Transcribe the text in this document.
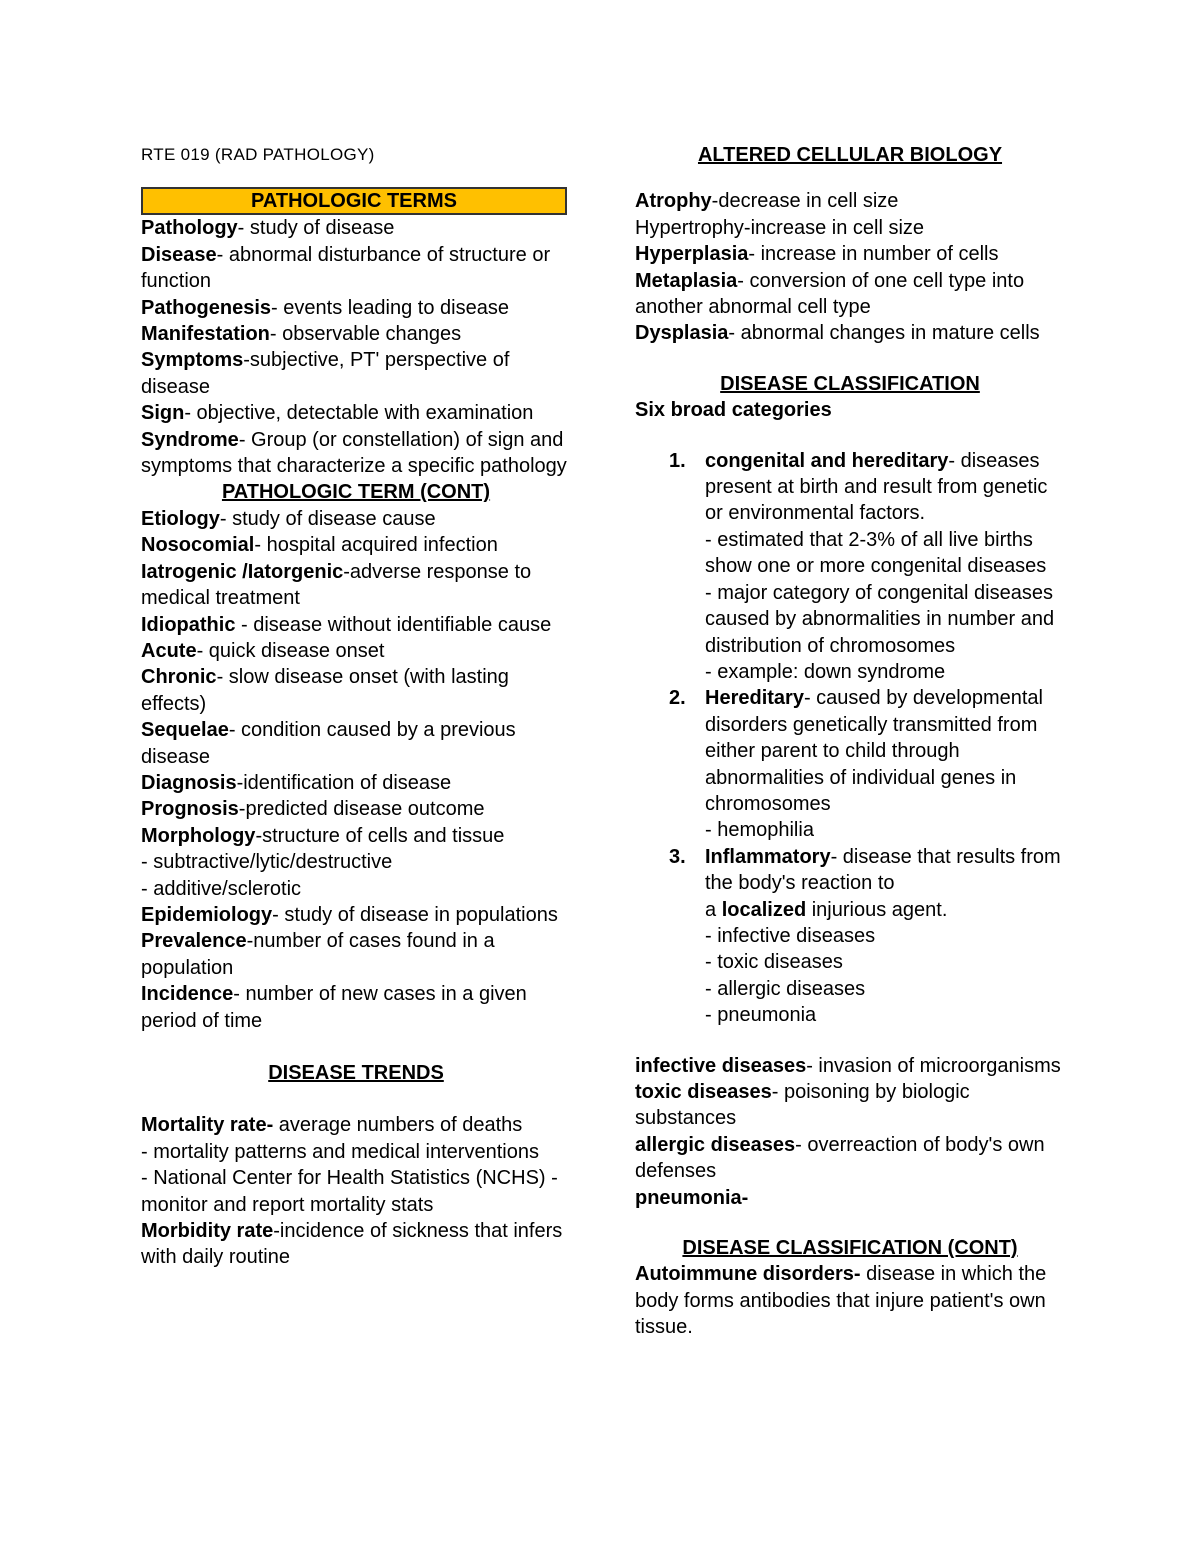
RTE 019 (RAD PATHOLOGY)
PATHOLOGIC TERMS

Pathology- study of disease

Disease- abnormal disturbance of structure or function

Pathogenesis- events leading to disease

Manifestation- observable changes

Symptoms-subjective, PT' perspective of disease

Sign- objective, detectable with examination

Syndrome- Group (or constellation) of sign and symptoms that characterize a specific pathology

PATHOLOGIC TERM (CONT)

Etiology- study of disease cause

Nosocomial- hospital acquired infection

Iatrogenic /Iatorgenic-adverse response to medical treatment

Idiopathic - disease without identifiable cause

Acute- quick disease onset

Chronic- slow disease onset (with lasting effects)

Sequelae- condition caused by a previous disease

Diagnosis-identification of disease

Prognosis-predicted disease outcome

Morphology-structure of cells and tissue

- subtractive/lytic/destructive

- additive/sclerotic

Epidemiology- study of disease in populations

Prevalence-number of cases found in a population

Incidence- number of new cases in a given period of time

DISEASE TRENDS

Mortality rate- average numbers of deaths

- mortality patterns and medical interventions

- National Center for Health Statistics (NCHS) - monitor and report mortality stats

Morbidity rate-incidence of sickness that infers with daily routine

ALTERED CELLULAR BIOLOGY

Atrophy-decrease in cell size

Hypertrophy-increase in cell size

Hyperplasia- increase in number of cells

Metaplasia- conversion of one cell type into another abnormal cell type

Dysplasia- abnormal changes in mature cells

DISEASE CLASSIFICATION
Six broad categories
1. congenital and hereditary- diseases present at birth and result from genetic or environmental factors.
- estimated that 2-3% of all live births show one or more congenital diseases
- major category of congenital diseases caused by abnormalities in number and distribution of chromosomes
- example: down syndrome
2. Hereditary- caused by developmental disorders genetically transmitted from either parent to child through abnormalities of individual genes in chromosomes
- hemophilia
3. Inflammatory- disease that results from the body's reaction to
a localized injurious agent.
- infective diseases
- toxic diseases
- allergic diseases
- pneumonia

infective diseases- invasion of microorganisms

toxic diseases- poisoning by biologic substances

allergic diseases- overreaction of body's own defenses

pneumonia-

DISEASE CLASSIFICATION (CONT)

Autoimmune disorders- disease in which the body forms antibodies that injure patient's own tissue.
